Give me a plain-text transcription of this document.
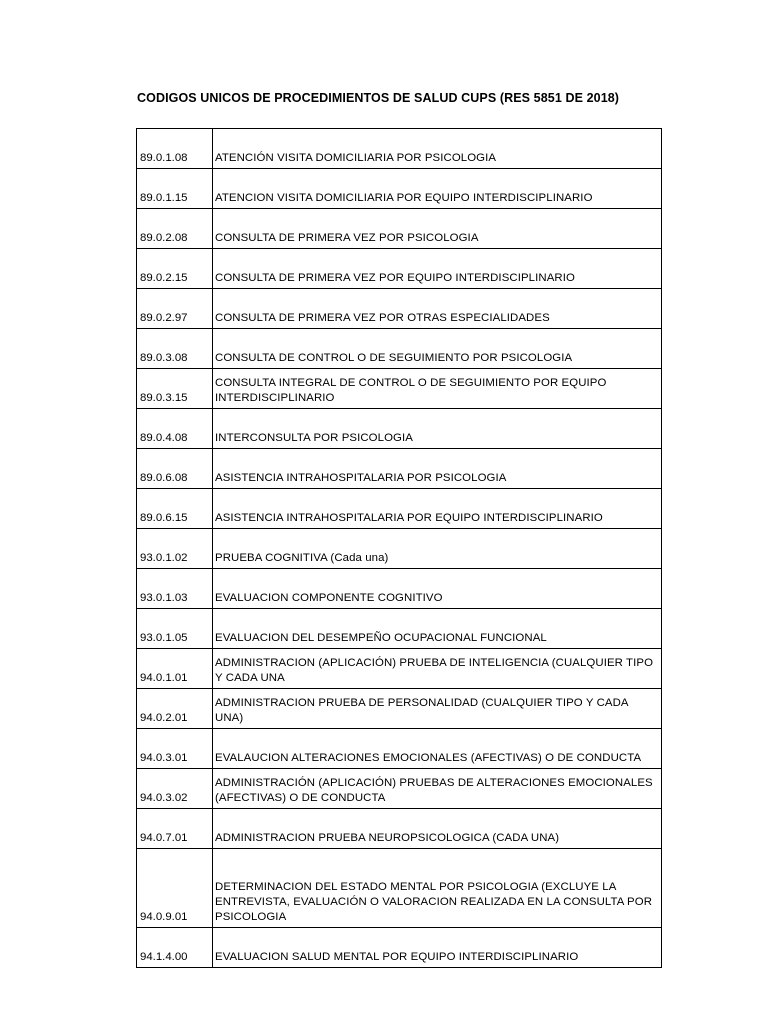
CODIGOS UNICOS DE PROCEDIMIENTOS DE SALUD CUPS (RES 5851 DE 2018)
89.0.1.08	ATENCIÓN VISITA DOMICILIARIA POR PSICOLOGIA
89.0.1.15	ATENCION VISITA DOMICILIARIA POR EQUIPO INTERDISCIPLINARIO
89.0.2.08	CONSULTA DE PRIMERA VEZ POR PSICOLOGIA
89.0.2.15	CONSULTA DE PRIMERA VEZ POR EQUIPO INTERDISCIPLINARIO
89.0.2.97	CONSULTA DE PRIMERA VEZ POR OTRAS ESPECIALIDADES
89.0.3.08	CONSULTA DE CONTROL O DE SEGUIMIENTO POR PSICOLOGIA
89.0.3.15	CONSULTA INTEGRAL DE CONTROL O DE SEGUIMIENTO POR EQUIPO INTERDISCIPLINARIO
89.0.4.08	INTERCONSULTA POR PSICOLOGIA
89.0.6.08	ASISTENCIA INTRAHOSPITALARIA POR PSICOLOGIA
89.0.6.15	ASISTENCIA INTRAHOSPITALARIA POR EQUIPO INTERDISCIPLINARIO
93.0.1.02	PRUEBA COGNITIVA (Cada una)
93.0.1.03	EVALUACION COMPONENTE COGNITIVO
93.0.1.05	EVALUACION DEL DESEMPEÑO OCUPACIONAL FUNCIONAL
94.0.1.01	ADMINISTRACION (APLICACIÓN) PRUEBA DE INTELIGENCIA (CUALQUIER TIPO Y CADA UNA
94.0.2.01	ADMINISTRACION PRUEBA DE PERSONALIDAD (CUALQUIER TIPO Y CADA UNA)
94.0.3.01	EVALAUCION ALTERACIONES EMOCIONALES (AFECTIVAS) O DE CONDUCTA
94.0.3.02	ADMINISTRACIÓN (APLICACIÓN) PRUEBAS DE ALTERACIONES EMOCIONALES (AFECTIVAS) O DE CONDUCTA
94.0.7.01	ADMINISTRACION PRUEBA NEUROPSICOLOGICA (CADA UNA)
94.0.9.01	DETERMINACION DEL ESTADO MENTAL POR PSICOLOGIA (EXCLUYE LA ENTREVISTA, EVALUACIÓN O VALORACION REALIZADA EN LA CONSULTA POR PSICOLOGIA
94.1.4.00	EVALUACION SALUD MENTAL POR EQUIPO INTERDISCIPLINARIO
